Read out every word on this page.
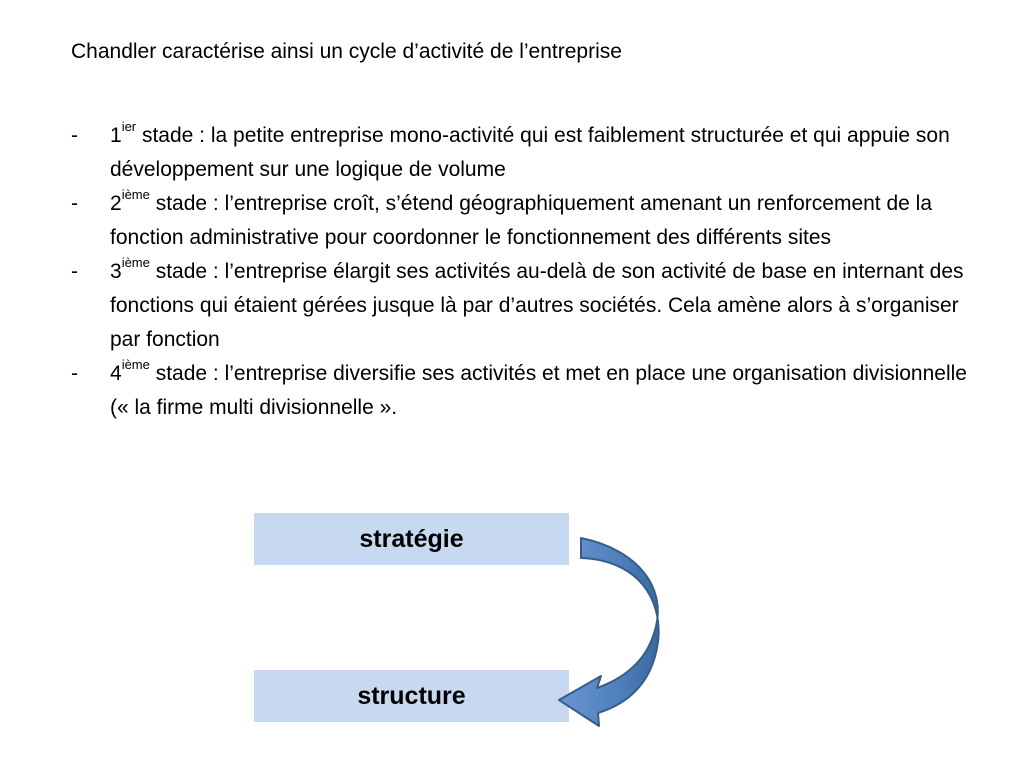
Chandler caractérise ainsi un cycle d’activité de l’entreprise
- $1^{ier}$ stade : la petite entreprise mono-activité qui est faiblement structurée et qui appuie son développement sur une logique de volume
- 2ième stade : l’entreprise croît, s’étend géographiquement amenant un renforcement de la fonction administrative pour coordonner le fonctionnement des différents sites
- 3ième stade : l’entreprise élargit ses activités au-delà de son activité de base en internant des fonctions qui étaient gérées jusque là par d’autres sociétés. Cela amène alors à s’organiser par fonction
- 4ième stade : l’entreprise diversifie ses activités et met en place une organisation divisionnelle (« la firme multi divisionnelle ».
stratégie
structure
